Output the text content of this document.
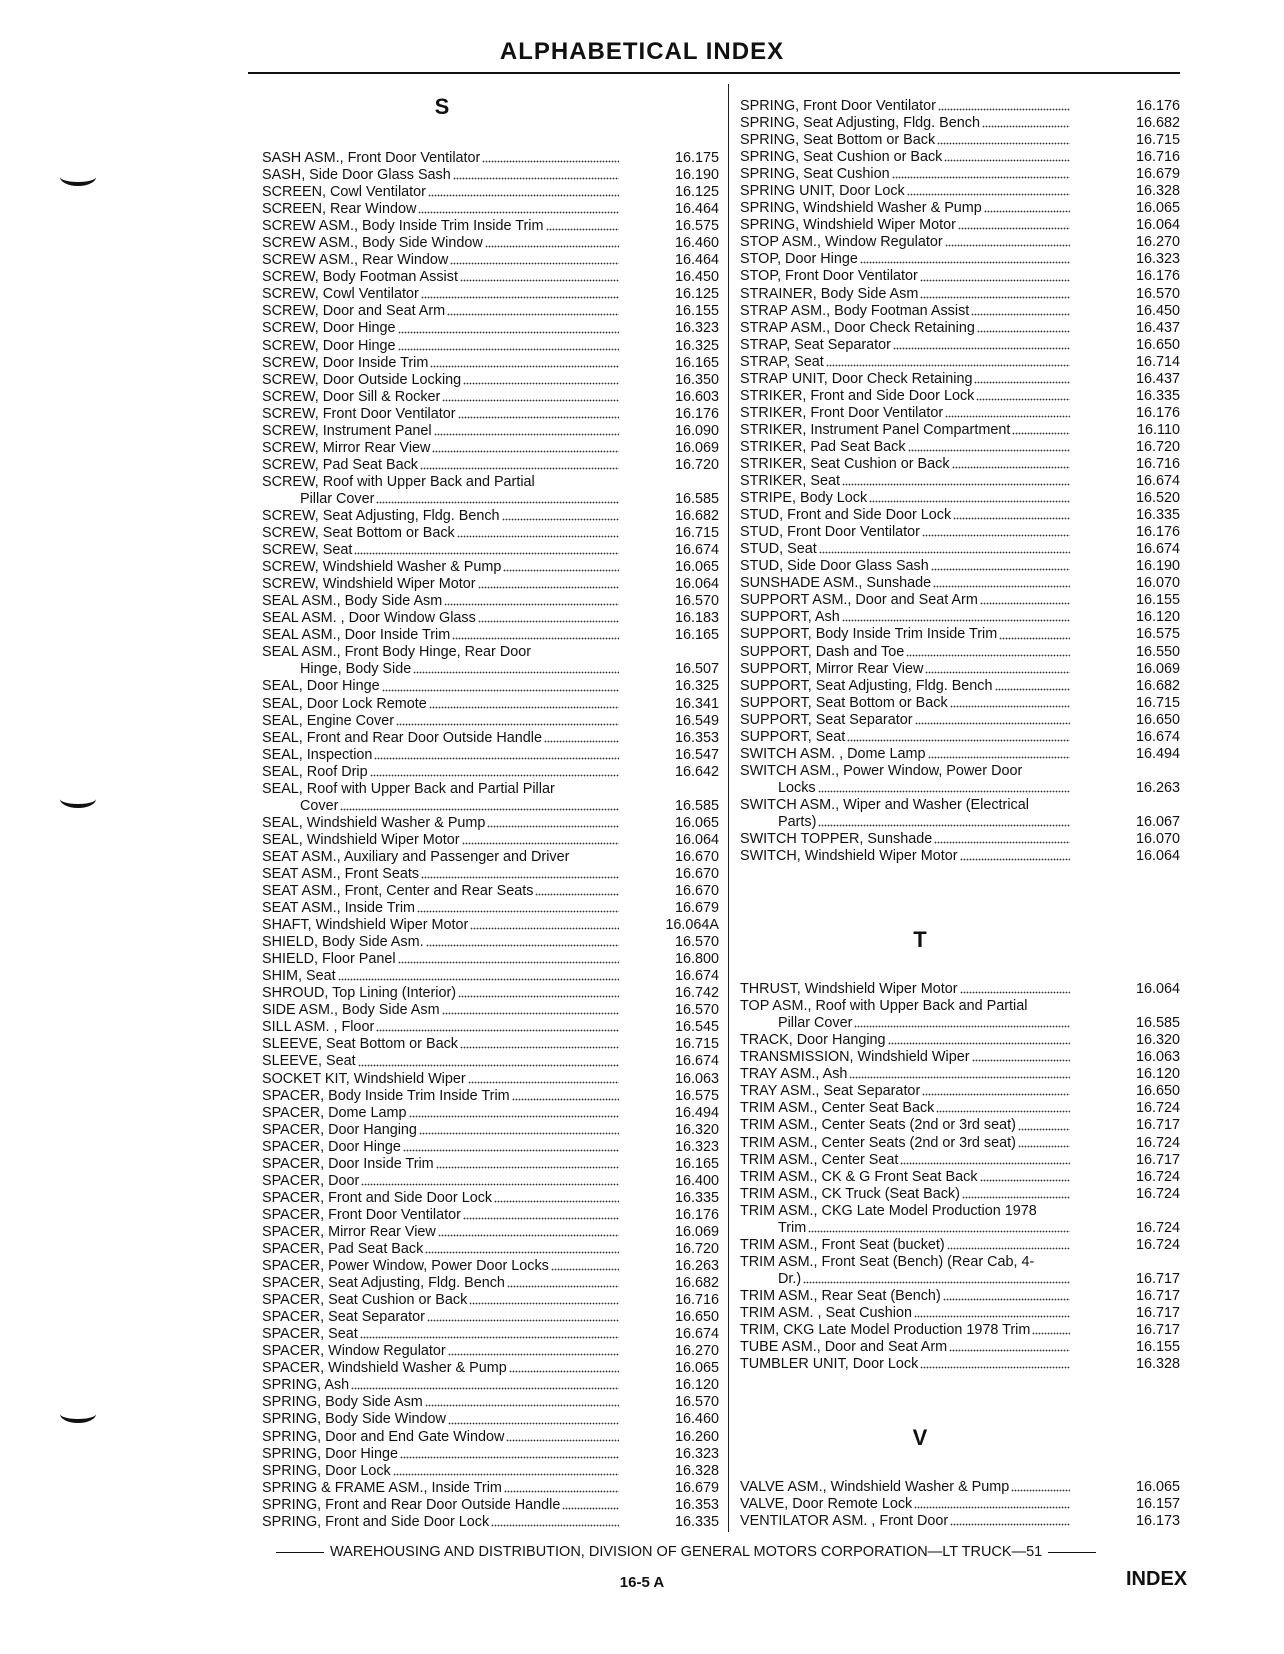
ALPHABETICAL INDEX
S
SASH ASM., Front Door Ventilator	16.175
SASH, Side Door Glass Sash	16.190
SCREEN, Cowl Ventilator	16.125
SCREEN, Rear Window	16.464
SCREW ASM., Body Inside Trim Inside Trim	16.575
SCREW ASM., Body Side Window	16.460
SCREW ASM., Rear Window	16.464
SCREW, Body Footman Assist	16.450
SCREW, Cowl Ventilator	16.125
SCREW, Door and Seat Arm	16.155
SCREW, Door Hinge	16.323
SCREW, Door Hinge	16.325
SCREW, Door Inside Trim	16.165
SCREW, Door Outside Locking	16.350
SCREW, Door Sill & Rocker	16.603
SCREW, Front Door Ventilator	16.176
SCREW, Instrument Panel	16.090
SCREW, Mirror Rear View	16.069
SCREW, Pad Seat Back	16.720
SCREW, Roof with Upper Back and Partial
Pillar Cover	16.585
SCREW, Seat Adjusting, Fldg. Bench	16.682
SCREW, Seat Bottom or Back	16.715
SCREW, Seat	16.674
SCREW, Windshield Washer & Pump	16.065
SCREW, Windshield Wiper Motor	16.064
SEAL ASM., Body Side Asm	16.570
SEAL ASM. , Door Window Glass	16.183
SEAL ASM., Door Inside Trim	16.165
SEAL ASM., Front Body Hinge, Rear Door
Hinge, Body Side	16.507
SEAL, Door Hinge	16.325
SEAL, Door Lock Remote	16.341
SEAL, Engine Cover	16.549
SEAL, Front and Rear Door Outside Handle	16.353
SEAL, Inspection	16.547
SEAL, Roof Drip	16.642
SEAL, Roof with Upper Back and Partial Pillar
Cover	16.585
SEAL, Windshield Washer & Pump	16.065
SEAL, Windshield Wiper Motor	16.064
SEAT ASM., Auxiliary and Passenger and Driver	16.670
SEAT ASM., Front Seats	16.670
SEAT ASM., Front, Center and Rear Seats	16.670
SEAT ASM., Inside Trim	16.679
SHAFT, Windshield Wiper Motor	16.064A
SHIELD, Body Side Asm.	16.570
SHIELD, Floor Panel	16.800
SHIM, Seat	16.674
SHROUD, Top Lining (Interior)	16.742
SIDE ASM., Body Side Asm	16.570
SILL ASM. , Floor	16.545
SLEEVE, Seat Bottom or Back	16.715
SLEEVE, Seat	16.674
SOCKET KIT, Windshield Wiper	16.063
SPACER, Body Inside Trim Inside Trim	16.575
SPACER, Dome Lamp	16.494
SPACER, Door Hanging	16.320
SPACER, Door Hinge	16.323
SPACER, Door Inside Trim	16.165
SPACER, Door	16.400
SPACER, Front and Side Door Lock	16.335
SPACER, Front Door Ventilator	16.176
SPACER, Mirror Rear View	16.069
SPACER, Pad Seat Back	16.720
SPACER, Power Window, Power Door Locks	16.263
SPACER, Seat Adjusting, Fldg. Bench	16.682
SPACER, Seat Cushion or Back	16.716
SPACER, Seat Separator	16.650
SPACER, Seat	16.674
SPACER, Window Regulator	16.270
SPACER, Windshield Washer & Pump	16.065
SPRING, Ash	16.120
SPRING, Body Side Asm	16.570
SPRING, Body Side Window	16.460
SPRING, Door and End Gate Window	16.260
SPRING, Door Hinge	16.323
SPRING, Door Lock	16.328
SPRING & FRAME ASM., Inside Trim	16.679
SPRING, Front and Rear Door Outside Handle	16.353
SPRING, Front and Side Door Lock	16.335
SPRING, Front Door Ventilator	16.176
SPRING, Seat Adjusting, Fldg. Bench	16.682
SPRING, Seat Bottom or Back	16.715
SPRING, Seat Cushion or Back	16.716
SPRING, Seat Cushion	16.679
SPRING UNIT, Door Lock	16.328
SPRING, Windshield Washer & Pump	16.065
SPRING, Windshield Wiper Motor	16.064
STOP ASM., Window Regulator	16.270
STOP, Door Hinge	16.323
STOP, Front Door Ventilator	16.176
STRAINER, Body Side Asm	16.570
STRAP ASM., Body Footman Assist	16.450
STRAP ASM., Door Check Retaining	16.437
STRAP, Seat Separator	16.650
STRAP, Seat	16.714
STRAP UNIT, Door Check Retaining	16.437
STRIKER, Front and Side Door Lock	16.335
STRIKER, Front Door Ventilator	16.176
STRIKER, Instrument Panel Compartment	16.110
STRIKER, Pad Seat Back	16.720
STRIKER, Seat Cushion or Back	16.716
STRIKER, Seat	16.674
STRIPE, Body Lock	16.520
STUD, Front and Side Door Lock	16.335
STUD, Front Door Ventilator	16.176
STUD, Seat	16.674
STUD, Side Door Glass Sash	16.190
SUNSHADE ASM., Sunshade	16.070
SUPPORT ASM., Door and Seat Arm	16.155
SUPPORT, Ash	16.120
SUPPORT, Body Inside Trim Inside Trim	16.575
SUPPORT, Dash and Toe	16.550
SUPPORT, Mirror Rear View	16.069
SUPPORT, Seat Adjusting, Fldg. Bench	16.682
SUPPORT, Seat Bottom or Back	16.715
SUPPORT, Seat Separator	16.650
SUPPORT, Seat	16.674
SWITCH ASM. , Dome Lamp	16.494
SWITCH ASM., Power Window, Power Door
Locks	16.263
SWITCH ASM., Wiper and Washer (Electrical
Parts)	16.067
SWITCH TOPPER, Sunshade	16.070
SWITCH, Windshield Wiper Motor	16.064
T
THRUST, Windshield Wiper Motor	16.064
TOP ASM., Roof with Upper Back and Partial
Pillar Cover	16.585
TRACK, Door Hanging	16.320
TRANSMISSION, Windshield Wiper	16.063
TRAY ASM., Ash	16.120
TRAY ASM., Seat Separator	16.650
TRIM ASM., Center Seat Back	16.724
TRIM ASM., Center Seats (2nd or 3rd seat)	16.717
TRIM ASM., Center Seats (2nd or 3rd seat)	16.724
TRIM ASM., Center Seat	16.717
TRIM ASM., CK & G Front Seat Back	16.724
TRIM ASM., CK Truck (Seat Back)	16.724
TRIM ASM., CKG Late Model Production 1978
Trim	16.724
TRIM ASM., Front Seat (bucket)	16.724
TRIM ASM., Front Seat (Bench) (Rear Cab, 4-
Dr.)	16.717
TRIM ASM., Rear Seat (Bench)	16.717
TRIM ASM. , Seat Cushion	16.717
TRIM, CKG Late Model Production 1978 Trim	16.717
TUBE ASM., Door and Seat Arm	16.155
TUMBLER UNIT, Door Lock	16.328
V
VALVE ASM., Windshield Washer & Pump	16.065
VALVE, Door Remote Lock	16.157
VENTILATOR ASM. , Front Door	16.173
WAREHOUSING AND DISTRIBUTION, DIVISION OF GENERAL MOTORS CORPORATION—LT TRUCK—51
16-5 A	INDEX
